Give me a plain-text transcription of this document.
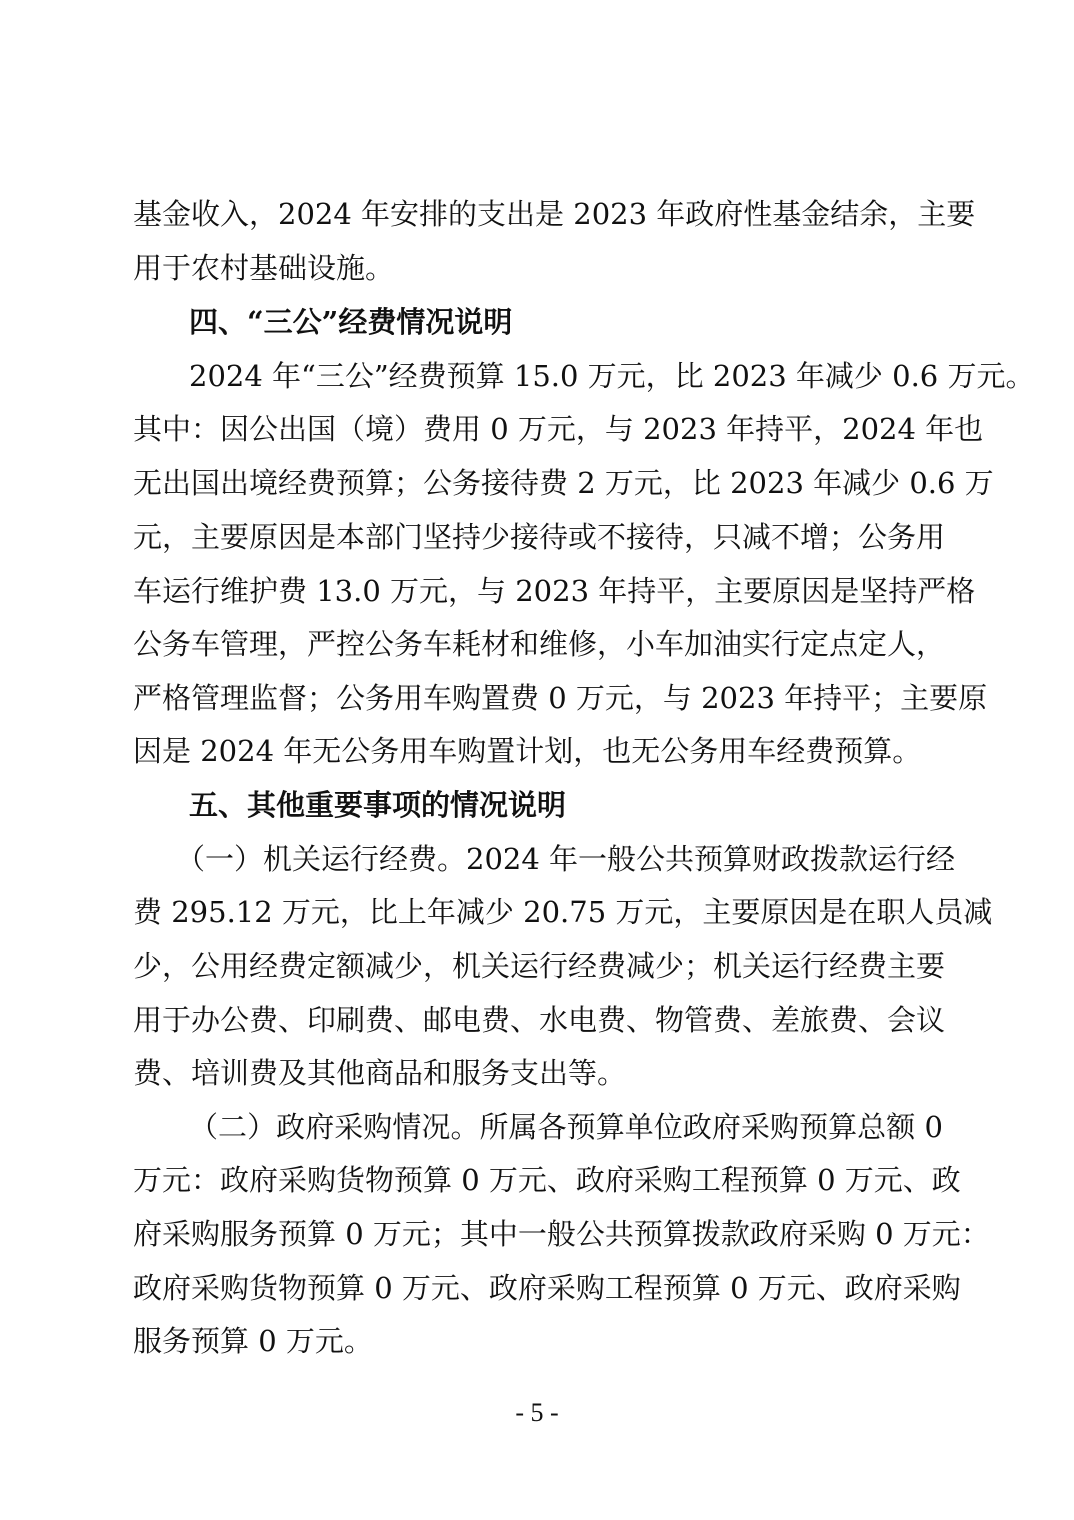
基金收入，2024 年安排的支出是 2023 年政府性基金结余，主要
用于农村基础设施。
四、“三公”经费情况说明
2024 年“三公”经费预算 15.0 万元，比 2023 年减少 0.6 万元。
其中：因公出国（境）费用 0 万元，与 2023 年持平，2024 年也
无出国出境经费预算；公务接待费 2 万元，比 2023 年减少 0.6 万
元，主要原因是本部门坚持少接待或不接待，只减不增；公务用
车运行维护费 13.0 万元，与 2023 年持平，主要原因是坚持严格
公务车管理，严控公务车耗材和维修，小车加油实行定点定人，
严格管理监督；公务用车购置费 0 万元，与 2023 年持平；主要原
因是 2024 年无公务用车购置计划，也无公务用车经费预算。
五、其他重要事项的情况说明
（一）机关运行经费。2024 年一般公共预算财政拨款运行经
费 295.12 万元，比上年减少 20.75 万元，主要原因是在职人员减
少，公用经费定额减少，机关运行经费减少；机关运行经费主要
用于办公费、印刷费、邮电费、水电费、物管费、差旅费、会议
费、培训费及其他商品和服务支出等。
（二）政府采购情况。所属各预算单位政府采购预算总额 0
万元：政府采购货物预算 0 万元、政府采购工程预算 0 万元、政
府采购服务预算 0 万元；其中一般公共预算拨款政府采购 0 万元：
政府采购货物预算 0 万元、政府采购工程预算 0 万元、政府采购
服务预算 0 万元。
- 5 -
